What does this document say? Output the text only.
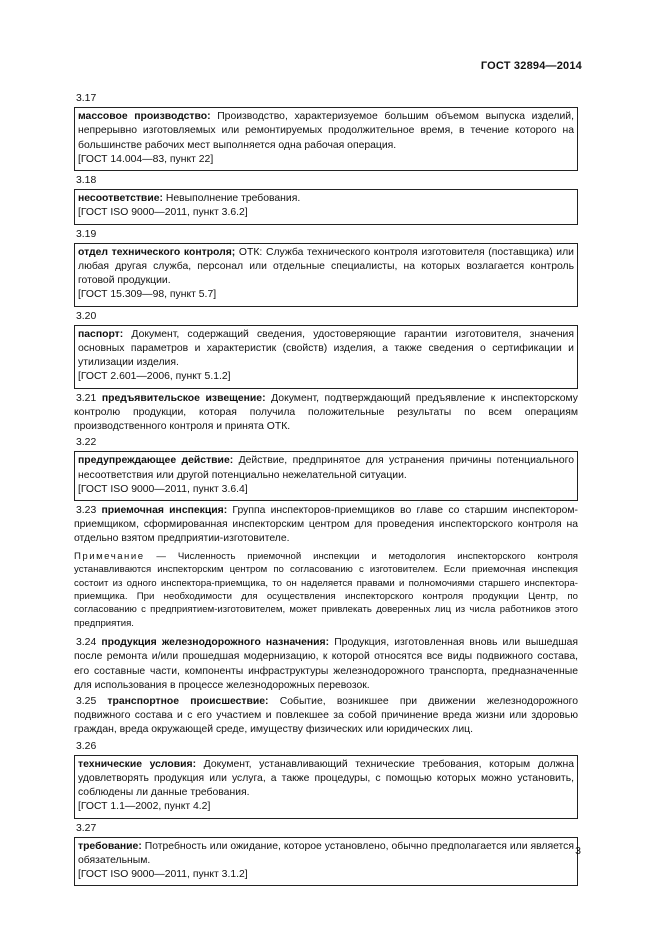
ГОСТ 32894—2014
3.17
массовое производство: Производство, характеризуемое большим объемом выпуска изделий, непрерывно изготовляемых или ремонтируемых продолжительное время, в течение которого на большинстве рабочих мест выполняется одна рабочая операция.
[ГОСТ 14.004—83, пункт 22]
3.18
несоответствие: Невыполнение требования.
[ГОСТ ISO 9000—2011, пункт 3.6.2]
3.19
отдел технического контроля; ОТК: Служба технического контроля изготовителя (поставщика) или любая другая служба, персонал или отдельные специалисты, на которых возлагается контроль готовой продукции.
[ГОСТ 15.309—98, пункт 5.7]
3.20
паспорт: Документ, содержащий сведения, удостоверяющие гарантии изготовителя, значения основных параметров и характеристик (свойств) изделия, а также сведения о сертификации и утилизации изделия.
[ГОСТ 2.601—2006, пункт 5.1.2]
3.21 предъявительское извещение: Документ, подтверждающий предъявление к инспекторскому контролю продукции, которая получила положительные результаты по всем операциям производственного контроля и принята ОТК.
3.22
предупреждающее действие: Действие, предпринятое для устранения причины потенциального несоответствия или другой потенциально нежелательной ситуации.
[ГОСТ ISO 9000—2011, пункт 3.6.4]
3.23 приемочная инспекция: Группа инспекторов-приемщиков во главе со старшим инспектором-приемщиком, сформированная инспекторским центром для проведения инспекторского контроля на отдельно взятом предприятии-изготовителе.
Примечание — Численность приемочной инспекции и методология инспекторского контроля устанавливаются инспекторским центром по согласованию с изготовителем. Если приемочная инспекция состоит из одного инспектора-приемщика, то он наделяется правами и полномочиями старшего инспектора-приемщика. При необходимости для осуществления инспекторского контроля продукции Центр, по согласованию с предприятием-изготовителем, может привлекать доверенных лиц из числа работников этого предприятия.
3.24 продукция железнодорожного назначения: Продукция, изготовленная вновь или вышедшая после ремонта и/или прошедшая модернизацию, к которой относятся все виды подвижного состава, его составные части, компоненты инфраструктуры железнодорожного транспорта, предназначенные для использования в процессе железнодорожных перевозок.
3.25 транспортное происшествие: Событие, возникшее при движении железнодорожного подвижного состава и с его участием и повлекшее за собой причинение вреда жизни или здоровью граждан, вреда окружающей среде, имуществу физических или юридических лиц.
3.26
технические условия: Документ, устанавливающий технические требования, которым должна удовлетворять продукция или услуга, а также процедуры, с помощью которых можно установить, соблюдены ли данные требования.
[ГОСТ 1.1—2002, пункт 4.2]
3.27
требование: Потребность или ожидание, которое установлено, обычно предполагается или является обязательным.
[ГОСТ ISO 9000—2011, пункт 3.1.2]
3
